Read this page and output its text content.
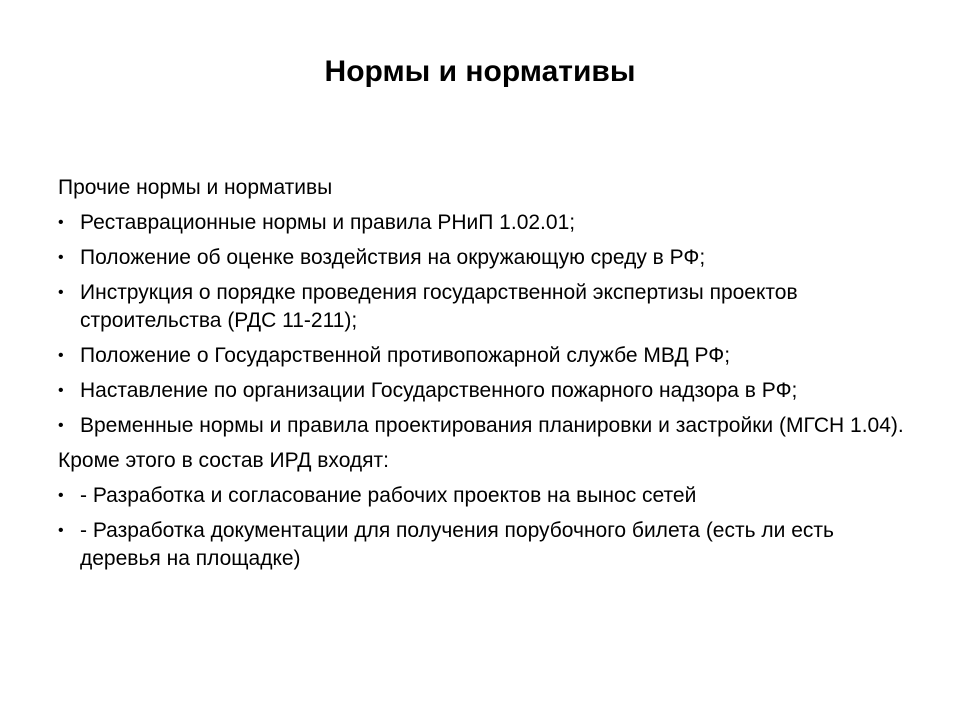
Нормы и нормативы
Прочие нормы и нормативы
• Реставрационные нормы и правила РНиП 1.02.01;
• Положение об оценке воздействия на окружающую среду в РФ;
• Инструкция о порядке проведения государственной экспертизы проектов строительства (РДС 11-211);
• Положение о Государственной противопожарной службе МВД РФ;
• Наставление по организации Государственного пожарного надзора в РФ;
• Временные нормы и правила проектирования планировки и застройки (МГСН 1.04).
Кроме этого в состав ИРД входят:
• - Разработка и согласование рабочих проектов на вынос сетей
• - Разработка документации для получения порубочного билета (есть ли есть деревья на площадке)
